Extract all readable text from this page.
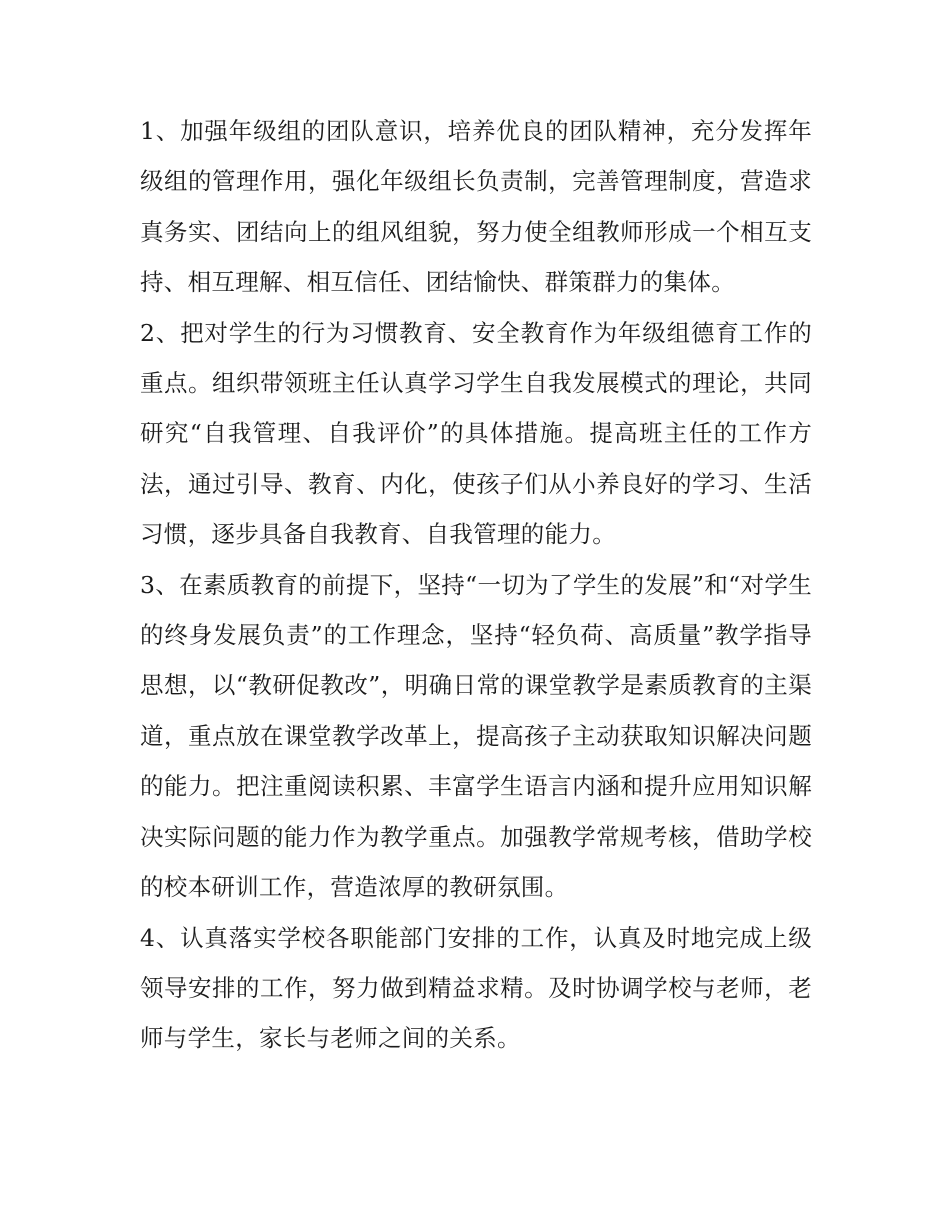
1、加强年级组的团队意识，培养优良的团队精神，充分发挥年级组的管理作用，强化年级组长负责制，完善管理制度，营造求真务实、团结向上的组风组貌，努力使全组教师形成一个相互支持、相互理解、相互信任、团结愉快、群策群力的集体。

2、把对学生的行为习惯教育、安全教育作为年级组德育工作的重点。组织带领班主任认真学习学生自我发展模式的理论，共同研究“自我管理、自我评价”的具体措施。提高班主任的工作方法，通过引导、教育、内化，使孩子们从小养良好的学习、生活习惯，逐步具备自我教育、自我管理的能力。

3、在素质教育的前提下，坚持“一切为了学生的发展”和“对学生的终身发展负责”的工作理念，坚持“轻负荷、高质量”教学指导思想，以“教研促教改”，明确日常的课堂教学是素质教育的主渠道，重点放在课堂教学改革上，提高孩子主动获取知识解决问题的能力。把注重阅读积累、丰富学生语言内涵和提升应用知识解决实际问题的能力作为教学重点。加强教学常规考核，借助学校的校本研训工作，营造浓厚的教研氛围。

4、认真落实学校各职能部门安排的工作，认真及时地完成上级领导安排的工作，努力做到精益求精。及时协调学校与老师，老师与学生，家长与老师之间的关系。
